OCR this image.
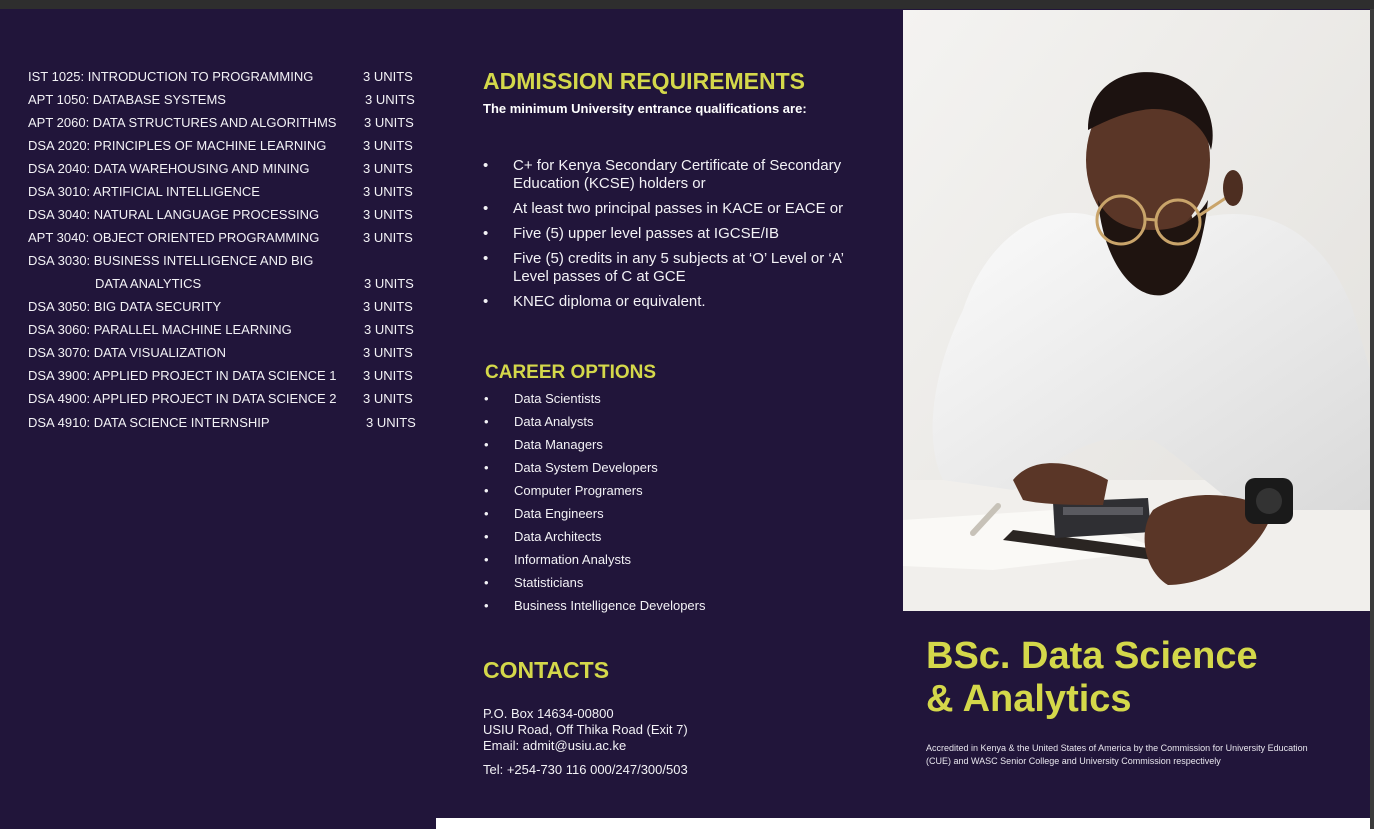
IST 1025: INTRODUCTION TO PROGRAMMING	3 UNITS
APT 1050: DATABASE SYSTEMS	3 UNITS
APT 2060: DATA STRUCTURES AND ALGORITHMS 3 UNITS
DSA 2020: PRINCIPLES OF MACHINE LEARNING	3 UNITS
DSA 2040: DATA WAREHOUSING AND MINING	3 UNITS
DSA 3010: ARTIFICIAL INTELLIGENCE	3 UNITS
DSA 3040: NATURAL LANGUAGE PROCESSING	3 UNITS
APT 3040: OBJECT ORIENTED PROGRAMMING	3 UNITS
DSA 3030: BUSINESS INTELLIGENCE AND BIG
DATA ANALYTICS	3 UNITS
DSA 3050: BIG DATA SECURITY	3 UNITS
DSA 3060: PARALLEL MACHINE LEARNING	3 UNITS
DSA 3070: DATA VISUALIZATION	3 UNITS
DSA 3900: APPLIED PROJECT IN DATA SCIENCE 1 3 UNITS
DSA 4900: APPLIED PROJECT IN DATA SCIENCE 2 3 UNITS
DSA 4910: DATA SCIENCE INTERNSHIP	3 UNITS
ADMISSION REQUIREMENTS
The minimum University entrance qualifications are:
• C+ for Kenya Secondary Certificate of Secondary
Education (KCSE) holders or
• At least two principal passes in KACE or EACE or
• Five (5) upper level passes at IGCSE/IB
• Five (5) credits in any 5 subjects at ‘O’ Level or ‘A’
Level passes of C at GCE
• KNEC diploma or equivalent.
CAREER OPTIONS
• Data Scientists
• Data Analysts
• Data Managers
• Data System Developers
• Computer Programers
• Data Engineers
• Data Architects
• Information Analysts
• Statisticians
• Business Intelligence Developers
CONTACTS

P.O. Box 14634-00800

USIU Road, Off Thika Road (Exit 7)

Email: admit@usiu.ac.ke

Tel: +254-730 116 000/247/300/503

BSc. Data Science
& Analytics
Accredited in Kenya & the United States of America by the Commission for University Education (CUE) and WASC Senior College and University Commission respectively
